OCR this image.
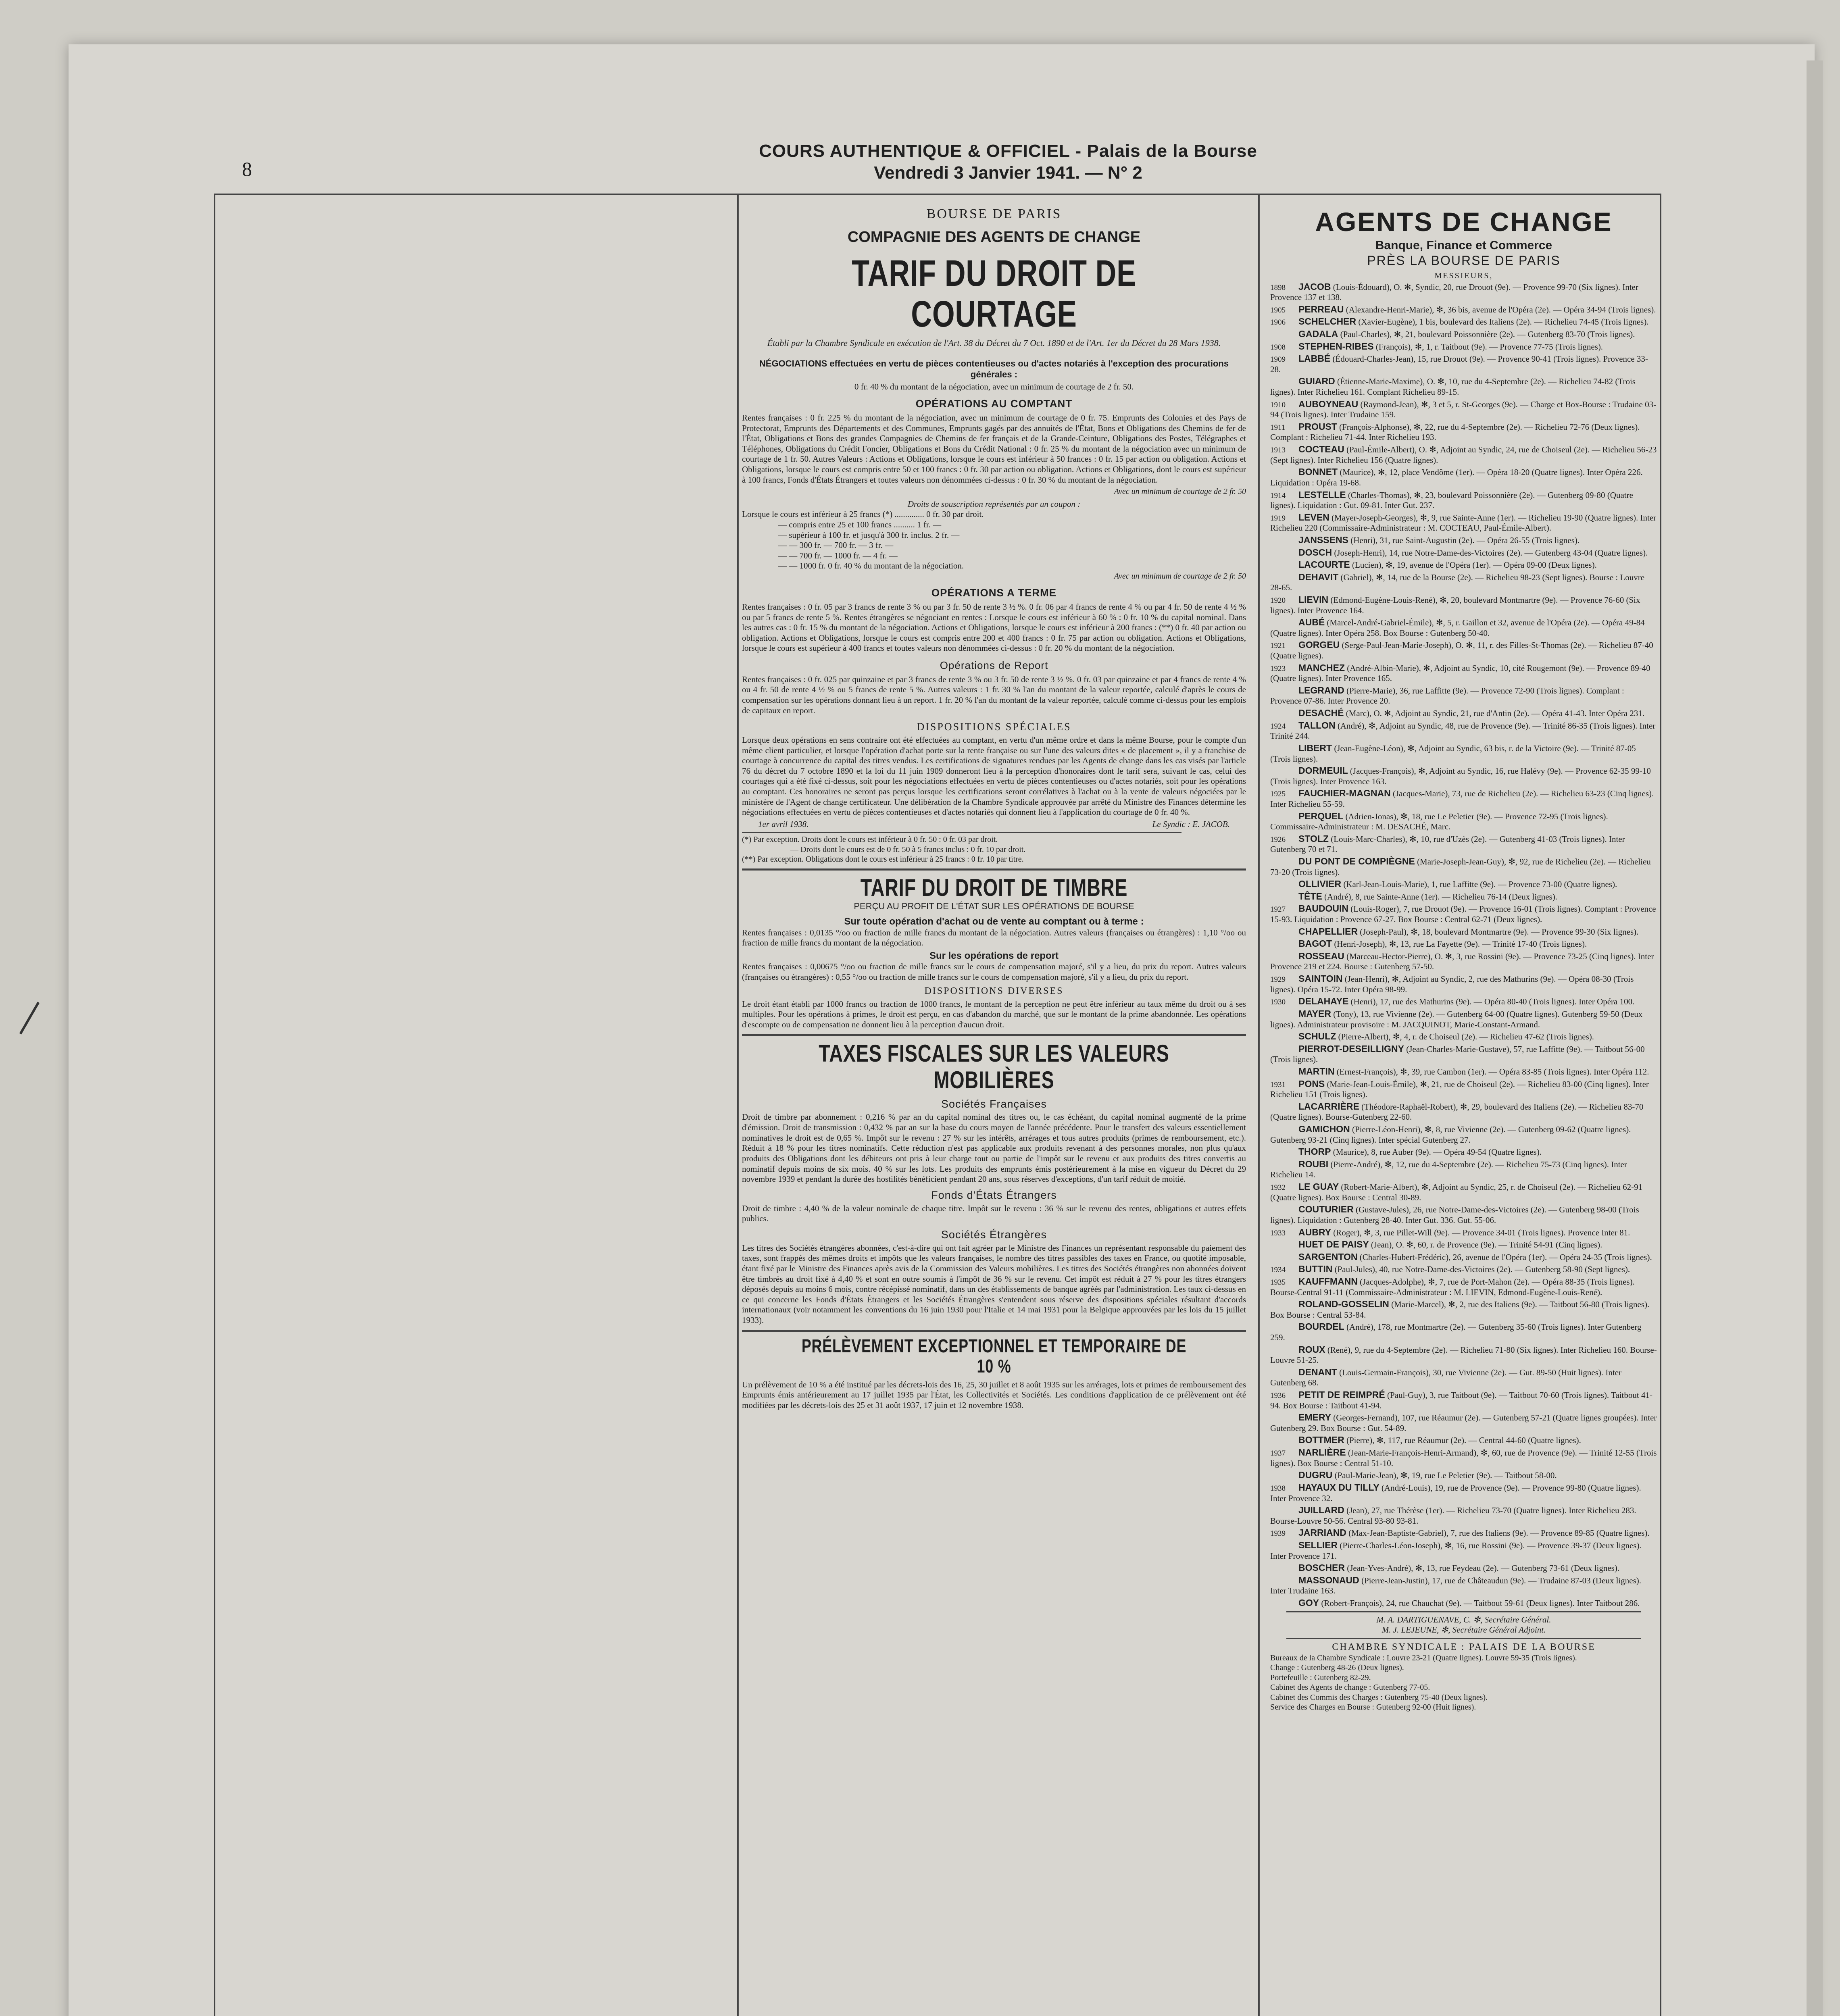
8
COURS AUTHENTIQUE & OFFICIEL - Palais de la Bourse
Vendredi 3 Janvier 1941. — N° 2

BOURSE DE PARIS
COMPAGNIE DES AGENTS DE CHANGE
TARIF DU DROIT DE COURTAGE
Établi par la Chambre Syndicale en exécution de l'Art. 38 du Décret du 7 Oct. 1890 et de l'Art. 1er du Décret du 28 Mars 1938.
NÉGOCIATIONS effectuées en vertu de pièces contentieuses ou d'actes notariés à l'exception des procurations générales :
0 fr. 40 % du montant de la négociation, avec un minimum de courtage de 2 fr. 50.
OPÉRATIONS AU COMPTANT

Rentes françaises : 0 fr. 225 % du montant de la négociation, avec un minimum de courtage de 0 fr. 75. Emprunts des Colonies et des Pays de Protectorat, Emprunts des Départements et des Communes, Emprunts gagés par des annuités de l'État, Bons et Obligations des Chemins de fer de l'État, Obligations et Bons des grandes Compagnies de Chemins de fer français et de la Grande-Ceinture, Obligations des Postes, Télégraphes et Téléphones, Obligations du Crédit Foncier, Obligations et Bons du Crédit National : 0 fr. 25 % du montant de la négociation avec un minimum de courtage de 1 fr. 50. Autres Valeurs : Actions et Obligations, lorsque le cours est inférieur à 50 frances : 0 fr. 15 par action ou obligation. Actions et Obligations, lorsque le cours est compris entre 50 et 100 francs : 0 fr. 30 par action ou obligation. Actions et Obligations, dont le cours est supérieur à 100 francs, Fonds d'États Étrangers et toutes valeurs non dénommées ci-dessus : 0 fr. 30 % du montant de la négociation.

Avec un minimum de courtage de 2 fr. 50
Droits de souscription représentés par un coupon :
Lorsque le cours est inférieur à 25 francs (*) .............. 0 fr. 30 par droit.
— compris entre 25 et 100 francs .......... 1 fr. —
— supérieur à 100 fr. et jusqu'à 300 fr. inclus. 2 fr. —
— — 300 fr. — 700 fr. — 3 fr. —
— — 700 fr. — 1000 fr. — 4 fr. —
— — 1000 fr. 0 fr. 40 % du montant de la négociation.
Avec un minimum de courtage de 2 fr. 50
OPÉRATIONS A TERME

Rentes françaises : 0 fr. 05 par 3 francs de rente 3 % ou par 3 fr. 50 de rente 3 ½ %. 0 fr. 06 par 4 francs de rente 4 % ou par 4 fr. 50 de rente 4 ½ % ou par 5 francs de rente 5 %. Rentes étrangères se négociant en rentes : Lorsque le cours est inférieur à 60 % : 0 fr. 10 % du capital nominal. Dans les autres cas : 0 fr. 15 % du montant de la négociation. Actions et Obligations, lorsque le cours est inférieur à 200 francs : (**) 0 fr. 40 par action ou obligation. Actions et Obligations, lorsque le cours est compris entre 200 et 400 francs : 0 fr. 75 par action ou obligation. Actions et Obligations, lorsque le cours est supérieur à 400 francs et toutes valeurs non dénommées ci-dessus : 0 fr. 20 % du montant de la négociation.

Opérations de Report

Rentes françaises : 0 fr. 025 par quinzaine et par 3 francs de rente 3 % ou 3 fr. 50 de rente 3 ½ %. 0 fr. 03 par quinzaine et par 4 francs de rente 4 % ou 4 fr. 50 de rente 4 ½ % ou 5 francs de rente 5 %. Autres valeurs : 1 fr. 30 % l'an du montant de la valeur reportée, calculé d'après le cours de compensation sur les opérations donnant lieu à un report. 1 fr. 20 % l'an du montant de la valeur reportée, calculé comme ci-dessus pour les emplois de capitaux en report.

DISPOSITIONS SPÉCIALES

Lorsque deux opérations en sens contraire ont été effectuées au comptant, en vertu d'un même ordre et dans la même Bourse, pour le compte d'un même client particulier, et lorsque l'opération d'achat porte sur la rente française ou sur l'une des valeurs dites « de placement », il y a franchise de courtage à concurrence du capital des titres vendus. Les certifications de signatures rendues par les Agents de change dans les cas visés par l'article 76 du décret du 7 octobre 1890 et la loi du 11 juin 1909 donneront lieu à la perception d'honoraires dont le tarif sera, suivant le cas, celui des courtages qui a été fixé ci-dessus, soit pour les négociations effectuées en vertu de pièces contentieuses ou d'actes notariés, soit pour les opérations au comptant. Ces honoraires ne seront pas perçus lorsque les certifications seront corrélatives à l'achat ou à la vente de valeurs négociées par le ministère de l'Agent de change certificateur. Une délibération de la Chambre Syndicale approuvée par arrêté du Ministre des Finances détermine les négociations effectuées en vertu de pièces contentieuses et d'actes notariés qui donnent lieu à l'application du courtage de 0 fr. 40 %.

1er avril 1938.	Le Syndic : E. JACOB.
(*) Par exception. Droits dont le cours est inférieur à 0 fr. 50 : 0 fr. 03 par droit.
— Droits dont le cours est de 0 fr. 50 à 5 francs inclus : 0 fr. 10 par droit.
(**) Par exception. Obligations dont le cours est inférieur à 25 francs : 0 fr. 10 par titre.
TARIF DU DROIT DE TIMBRE
PERÇU AU PROFIT DE L'ÉTAT SUR LES OPÉRATIONS DE BOURSE
Sur toute opération d'achat ou de vente au comptant ou à terme :

Rentes françaises : 0,0135 °/oo ou fraction de mille francs du montant de la négociation. Autres valeurs (françaises ou étrangères) : 1,10 °/oo ou fraction de mille francs du montant de la négociation.

Sur les opérations de report

Rentes françaises : 0,00675 °/oo ou fraction de mille francs sur le cours de compensation majoré, s'il y a lieu, du prix du report. Autres valeurs (françaises ou étrangères) : 0,55 °/oo ou fraction de mille francs sur le cours de compensation majoré, s'il y a lieu, du prix du report.

DISPOSITIONS DIVERSES

Le droit étant établi par 1000 francs ou fraction de 1000 francs, le montant de la perception ne peut être inférieur au taux même du droit ou à ses multiples. Pour les opérations à primes, le droit est perçu, en cas d'abandon du marché, que sur le montant de la prime abandonnée. Les opérations d'escompte ou de compensation ne donnent lieu à la perception d'aucun droit.

TAXES FISCALES SUR LES VALEURS MOBILIÈRES
Sociétés Françaises

Droit de timbre par abonnement : 0,216 % par an du capital nominal des titres ou, le cas échéant, du capital nominal augmenté de la prime d'émission. Droit de transmission : 0,432 % par an sur la base du cours moyen de l'année précédente. Pour le transfert des valeurs essentiellement nominatives le droit est de 0,65 %. Impôt sur le revenu : 27 % sur les intérêts, arrérages et tous autres produits (primes de remboursement, etc.). Réduit à 18 % pour les titres nominatifs. Cette réduction n'est pas applicable aux produits revenant à des personnes morales, non plus qu'aux produits des Obligations dont les débiteurs ont pris à leur charge tout ou partie de l'impôt sur le revenu et aux produits des titres convertis au nominatif depuis moins de six mois. 40 % sur les lots. Les produits des emprunts émis postérieurement à la mise en vigueur du Décret du 29 novembre 1939 et pendant la durée des hostilités bénéficient pendant 20 ans, sous réserves d'exceptions, d'un tarif réduit de moitié.

Fonds d'États Étrangers

Droit de timbre : 4,40 % de la valeur nominale de chaque titre. Impôt sur le revenu : 36 % sur le revenu des rentes, obligations et autres effets publics.

Sociétés Étrangères

Les titres des Sociétés étrangères abonnées, c'est-à-dire qui ont fait agréer par le Ministre des Finances un représentant responsable du paiement des taxes, sont frappés des mêmes droits et impôts que les valeurs françaises, le nombre des titres passibles des taxes en France, ou quotité imposable, étant fixé par le Ministre des Finances après avis de la Commission des Valeurs mobilières. Les titres des Sociétés étrangères non abonnées doivent être timbrés au droit fixé à 4,40 % et sont en outre soumis à l'impôt de 36 % sur le revenu. Cet impôt est réduit à 27 % pour les titres étrangers déposés depuis au moins 6 mois, contre récépissé nominatif, dans un des établissements de banque agréés par l'administration. Les taux ci-dessus en ce qui concerne les Fonds d'États Étrangers et les Sociétés Étrangères s'entendent sous réserve des dispositions spéciales résultant d'accords internationaux (voir notamment les conventions du 16 juin 1930 pour l'Italie et 14 mai 1931 pour la Belgique approuvées par les lois du 15 juillet 1933).

PRÉLÈVEMENT EXCEPTIONNEL ET TEMPORAIRE DE 10 %

Un prélèvement de 10 % a été institué par les décrets-lois des 16, 25, 30 juillet et 8 août 1935 sur les arrérages, lots et primes de remboursement des Emprunts émis antérieurement au 17 juillet 1935 par l'État, les Collectivités et Sociétés. Les conditions d'application de ce prélèvement ont été modifiées par les décrets-lois des 25 et 31 août 1937, 17 juin et 12 novembre 1938.

AGENTS DE CHANGE
Banque, Finance et Commerce
PRÈS LA BOURSE DE PARIS
MESSIEURS,
1898 JACOB (Louis-Édouard), O. ✻, Syndic, 20, rue Drouot (9e). — Provence 99-70 (Six lignes). Inter Provence 137 et 138.
1905 PERREAU (Alexandre-Henri-Marie), ✻, 36 bis, avenue de l'Opéra (2e). — Opéra 34-94 (Trois lignes).
1906 SCHELCHER (Xavier-Eugène), 1 bis, boulevard des Italiens (2e). — Richelieu 74-45 (Trois lignes).
GADALA (Paul-Charles), ✻, 21, boulevard Poissonnière (2e). — Gutenberg 83-70 (Trois lignes).
1908 STEPHEN-RIBES (François), ✻, 1, r. Taitbout (9e). — Provence 77-75 (Trois lignes).
1909 LABBÉ (Édouard-Charles-Jean), 15, rue Drouot (9e). — Provence 90-41 (Trois lignes). Provence 33-28.
GUIARD (Étienne-Marie-Maxime), O. ✻, 10, rue du 4-Septembre (2e). — Richelieu 74-82 (Trois lignes). Inter Richelieu 161. Complant Richelieu 89-15.
1910 AUBOYNEAU (Raymond-Jean), ✻, 3 et 5, r. St-Georges (9e). — Charge et Box-Bourse : Trudaine 03-94 (Trois lignes). Inter Trudaine 159.
1911 PROUST (François-Alphonse), ✻, 22, rue du 4-Septembre (2e). — Richelieu 72-76 (Deux lignes). Complant : Richelieu 71-44. Inter Richelieu 193.
1913 COCTEAU (Paul-Émile-Albert), O. ✻, Adjoint au Syndic, 24, rue de Choiseul (2e). — Richelieu 56-23 (Sept lignes). Inter Richelieu 156 (Quatre lignes).
BONNET (Maurice), ✻, 12, place Vendôme (1er). — Opéra 18-20 (Quatre lignes). Inter Opéra 226. Liquidation : Opéra 19-68.
1914 LESTELLE (Charles-Thomas), ✻, 23, boulevard Poissonnière (2e). — Gutenberg 09-80 (Quatre lignes). Liquidation : Gut. 09-81. Inter Gut. 237.
1919 LEVEN (Mayer-Joseph-Georges), ✻, 9, rue Sainte-Anne (1er). — Richelieu 19-90 (Quatre lignes). Inter Richelieu 220 (Commissaire-Administrateur : M. COCTEAU, Paul-Émile-Albert).
JANSSENS (Henri), 31, rue Saint-Augustin (2e). — Opéra 26-55 (Trois lignes).
DOSCH (Joseph-Henri), 14, rue Notre-Dame-des-Victoires (2e). — Gutenberg 43-04 (Quatre lignes).
LACOURTE (Lucien), ✻, 19, avenue de l'Opéra (1er). — Opéra 09-00 (Deux lignes).
DEHAVIT (Gabriel), ✻, 14, rue de la Bourse (2e). — Richelieu 98-23 (Sept lignes). Bourse : Louvre 28-65.
1920 LIEVIN (Edmond-Eugène-Louis-René), ✻, 20, boulevard Montmartre (9e). — Provence 76-60 (Six lignes). Inter Provence 164.
AUBÉ (Marcel-André-Gabriel-Émile), ✻, 5, r. Gaillon et 32, avenue de l'Opéra (2e). — Opéra 49-84 (Quatre lignes). Inter Opéra 258. Box Bourse : Gutenberg 50-40.
1921 GORGEU (Serge-Paul-Jean-Marie-Joseph), O. ✻, 11, r. des Filles-St-Thomas (2e). — Richelieu 87-40 (Quatre lignes).
1923 MANCHEZ (André-Albin-Marie), ✻, Adjoint au Syndic, 10, cité Rougemont (9e). — Provence 89-40 (Quatre lignes). Inter Provence 165.
LEGRAND (Pierre-Marie), 36, rue Laffitte (9e). — Provence 72-90 (Trois lignes). Complant : Provence 07-86. Inter Provence 20.
DESACHÉ (Marc), O. ✻, Adjoint au Syndic, 21, rue d'Antin (2e). — Opéra 41-43. Inter Opéra 231.
1924 TALLON (André), ✻, Adjoint au Syndic, 48, rue de Provence (9e). — Trinité 86-35 (Trois lignes). Inter Trinité 244.
LIBERT (Jean-Eugène-Léon), ✻, Adjoint au Syndic, 63 bis, r. de la Victoire (9e). — Trinité 87-05 (Trois lignes).
DORMEUIL (Jacques-François), ✻, Adjoint au Syndic, 16, rue Halévy (9e). — Provence 62-35 99-10 (Trois lignes). Inter Provence 163.
1925 FAUCHIER-MAGNAN (Jacques-Marie), 73, rue de Richelieu (2e). — Richelieu 63-23 (Cinq lignes). Inter Richelieu 55-59.
PERQUEL (Adrien-Jonas), ✻, 18, rue Le Peletier (9e). — Provence 72-95 (Trois lignes). Commissaire-Administrateur : M. DESACHÉ, Marc.
1926 STOLZ (Louis-Marc-Charles), ✻, 10, rue d'Uzès (2e). — Gutenberg 41-03 (Trois lignes). Inter Gutenberg 70 et 71.
DU PONT DE COMPIÈGNE (Marie-Joseph-Jean-Guy), ✻, 92, rue de Richelieu (2e). — Richelieu 73-20 (Trois lignes).
OLLIVIER (Karl-Jean-Louis-Marie), 1, rue Laffitte (9e). — Provence 73-00 (Quatre lignes).
TÊTE (André), 8, rue Sainte-Anne (1er). — Richelieu 76-14 (Deux lignes).
1927 BAUDOUIN (Louis-Roger), 7, rue Drouot (9e). — Provence 16-01 (Trois lignes). Comptant : Provence 15-93. Liquidation : Provence 67-27. Box Bourse : Central 62-71 (Deux lignes).
CHAPELLIER (Joseph-Paul), ✻, 18, boulevard Montmartre (9e). — Provence 99-30 (Six lignes).
BAGOT (Henri-Joseph), ✻, 13, rue La Fayette (9e). — Trinité 17-40 (Trois lignes).
ROSSEAU (Marceau-Hector-Pierre), O. ✻, 3, rue Rossini (9e). — Provence 73-25 (Cinq lignes). Inter Provence 219 et 224. Bourse : Gutenberg 57-50.
1929 SAINTOIN (Jean-Henri), ✻, Adjoint au Syndic, 2, rue des Mathurins (9e). — Opéra 08-30 (Trois lignes). Opéra 15-72. Inter Opéra 98-99.
1930 DELAHAYE (Henri), 17, rue des Mathurins (9e). — Opéra 80-40 (Trois lignes). Inter Opéra 100.
MAYER (Tony), 13, rue Vivienne (2e). — Gutenberg 64-00 (Quatre lignes). Gutenberg 59-50 (Deux lignes). Administrateur provisoire : M. JACQUINOT, Marie-Constant-Armand.
SCHULZ (Pierre-Albert), ✻, 4, r. de Choiseul (2e). — Richelieu 47-62 (Trois lignes).
PIERROT-DESEILLIGNY (Jean-Charles-Marie-Gustave), 57, rue Laffitte (9e). — Taitbout 56-00 (Trois lignes).
MARTIN (Ernest-François), ✻, 39, rue Cambon (1er). — Opéra 83-85 (Trois lignes). Inter Opéra 112.
1931 PONS (Marie-Jean-Louis-Émile), ✻, 21, rue de Choiseul (2e). — Richelieu 83-00 (Cinq lignes). Inter Richelieu 151 (Trois lignes).
LACARRIÈRE (Théodore-Raphaël-Robert), ✻, 29, boulevard des Italiens (2e). — Richelieu 83-70 (Quatre lignes). Bourse-Gutenberg 22-60.
GAMICHON (Pierre-Léon-Henri), ✻, 8, rue Vivienne (2e). — Gutenberg 09-62 (Quatre lignes). Gutenberg 93-21 (Cinq lignes). Inter spécial Gutenberg 27.
THORP (Maurice), 8, rue Auber (9e). — Opéra 49-54 (Quatre lignes).
ROUBI (Pierre-André), ✻, 12, rue du 4-Septembre (2e). — Richelieu 75-73 (Cinq lignes). Inter Richelieu 14.
1932 LE GUAY (Robert-Marie-Albert), ✻, Adjoint au Syndic, 25, r. de Choiseul (2e). — Richelieu 62-91 (Quatre lignes). Box Bourse : Central 30-89.
COUTURIER (Gustave-Jules), 26, rue Notre-Dame-des-Victoires (2e). — Gutenberg 98-00 (Trois lignes). Liquidation : Gutenberg 28-40. Inter Gut. 336. Gut. 55-06.
1933 AUBRY (Roger), ✻, 3, rue Pillet-Will (9e). — Provence 34-01 (Trois lignes). Provence Inter 81.
HUET DE PAISY (Jean), O. ✻, 60, r. de Provence (9e). — Trinité 54-91 (Cinq lignes).
SARGENTON (Charles-Hubert-Frédéric), 26, avenue de l'Opéra (1er). — Opéra 24-35 (Trois lignes).
1934 BUTTIN (Paul-Jules), 40, rue Notre-Dame-des-Victoires (2e). — Gutenberg 58-90 (Sept lignes).
1935 KAUFFMANN (Jacques-Adolphe), ✻, 7, rue de Port-Mahon (2e). — Opéra 88-35 (Trois lignes). Bourse-Central 91-11 (Commissaire-Administrateur : M. LIEVIN, Edmond-Eugène-Louis-René).
ROLAND-GOSSELIN (Marie-Marcel), ✻, 2, rue des Italiens (9e). — Taitbout 56-80 (Trois lignes). Box Bourse : Central 53-84.
BOURDEL (André), 178, rue Montmartre (2e). — Gutenberg 35-60 (Trois lignes). Inter Gutenberg 259.
ROUX (René), 9, rue du 4-Septembre (2e). — Richelieu 71-80 (Six lignes). Inter Richelieu 160. Bourse-Louvre 51-25.
DENANT (Louis-Germain-François), 30, rue Vivienne (2e). — Gut. 89-50 (Huit lignes). Inter Gutenberg 68.
1936 PETIT DE REIMPRÉ (Paul-Guy), 3, rue Taitbout (9e). — Taitbout 70-60 (Trois lignes). Taitbout 41-94. Box Bourse : Taitbout 41-94.
EMERY (Georges-Fernand), 107, rue Réaumur (2e). — Gutenberg 57-21 (Quatre lignes groupées). Inter Gutenberg 29. Box Bourse : Gut. 54-89.
BOTTMER (Pierre), ✻, 117, rue Réaumur (2e). — Central 44-60 (Quatre lignes).
1937 NARLIÈRE (Jean-Marie-François-Henri-Armand), ✻, 60, rue de Provence (9e). — Trinité 12-55 (Trois lignes). Box Bourse : Central 51-10.
DUGRU (Paul-Marie-Jean), ✻, 19, rue Le Peletier (9e). — Taitbout 58-00.
1938 HAYAUX DU TILLY (André-Louis), 19, rue de Provence (9e). — Provence 99-80 (Quatre lignes). Inter Provence 32.
JUILLARD (Jean), 27, rue Thérèse (1er). — Richelieu 73-70 (Quatre lignes). Inter Richelieu 283. Bourse-Louvre 50-56. Central 93-80 93-81.
1939 JARRIAND (Max-Jean-Baptiste-Gabriel), 7, rue des Italiens (9e). — Provence 89-85 (Quatre lignes).
SELLIER (Pierre-Charles-Léon-Joseph), ✻, 16, rue Rossini (9e). — Provence 39-37 (Deux lignes). Inter Provence 171.
BOSCHER (Jean-Yves-André), ✻, 13, rue Feydeau (2e). — Gutenberg 73-61 (Deux lignes).
MASSONAUD (Pierre-Jean-Justin), 17, rue de Châteaudun (9e). — Trudaine 87-03 (Deux lignes). Inter Trudaine 163.
GOY (Robert-François), 24, rue Chauchat (9e). — Taitbout 59-61 (Deux lignes). Inter Taitbout 286.
M. A. DARTIGUENAVE, C. ✻, Secrétaire Général.
M. J. LEJEUNE, ✻, Secrétaire Général Adjoint.
CHAMBRE SYNDICALE : PALAIS DE LA BOURSE
Bureaux de la Chambre Syndicale : Louvre 23-21 (Quatre lignes). Louvre 59-35 (Trois lignes).
Change : Gutenberg 48-26 (Deux lignes).
Portefeuille : Gutenberg 82-29.
Cabinet des Agents de change : Gutenberg 77-05.
Cabinet des Commis des Charges : Gutenberg 75-40 (Deux lignes).
Service des Charges en Bourse : Gutenberg 92-00 (Huit lignes).
